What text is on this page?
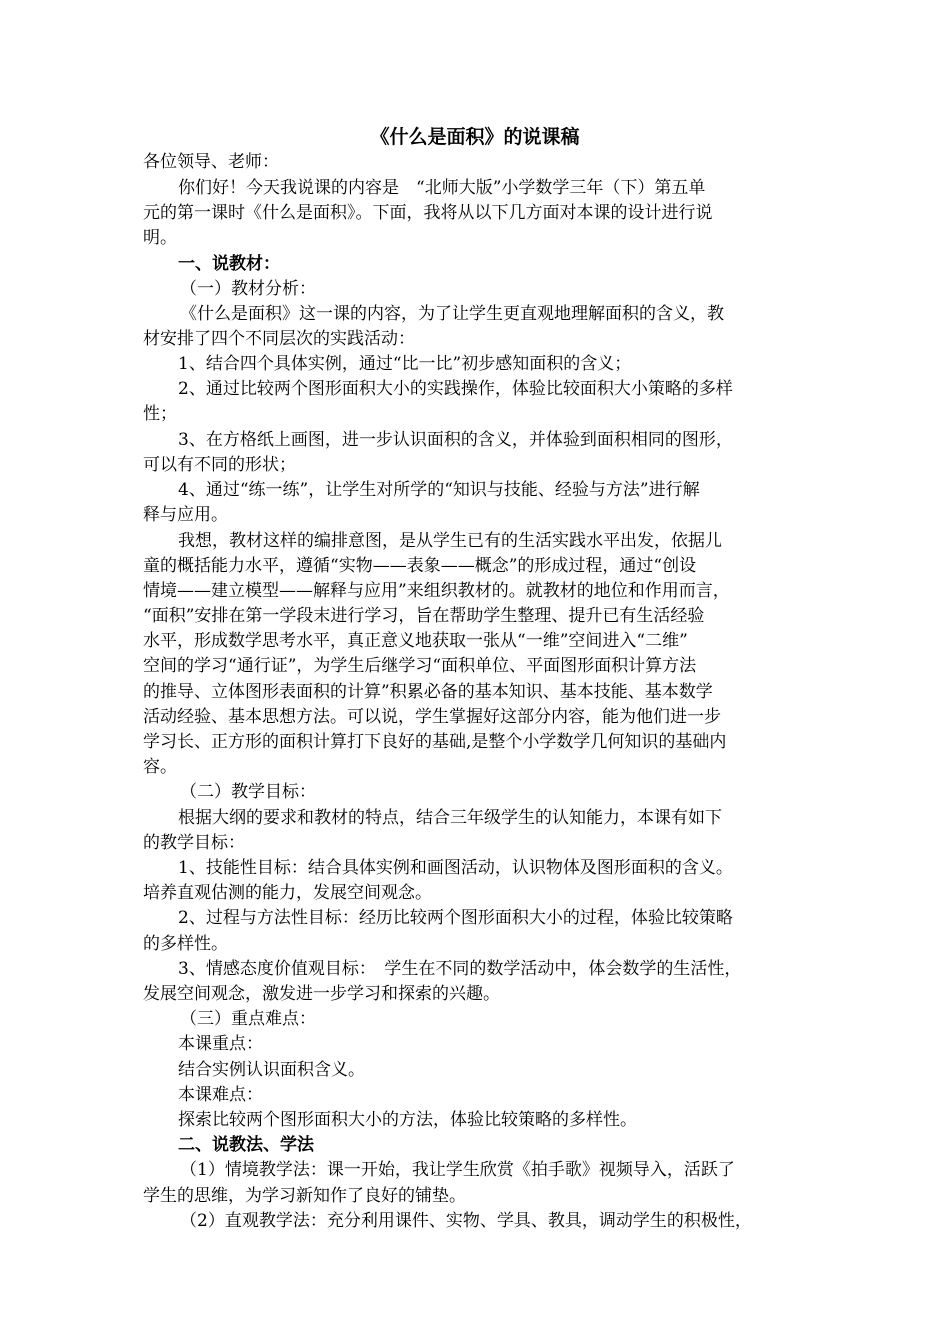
《什么是面积》的说课稿
各位领导、老师：
你们好！今天我说课的内容是　“北师大版”小学数学三年（下）第五单
元的第一课时《什么是面积》。下面，我将从以下几方面对本课的设计进行说
明。
一、说教材：
（一）教材分析：
《什么是面积》这一课的内容，为了让学生更直观地理解面积的含义，教
材安排了四个不同层次的实践活动：
1、结合四个具体实例，通过“比一比”初步感知面积的含义；
2、通过比较两个图形面积大小的实践操作，体验比较面积大小策略的多样
性；
3、在方格纸上画图，进一步认识面积的含义，并体验到面积相同的图形，
可以有不同的形状；
4、通过“练一练”，让学生对所学的“知识与技能、经验与方法”进行解
释与应用。
我想，教材这样的编排意图，是从学生已有的生活实践水平出发，依据儿
童的概括能力水平，遵循“实物——表象——概念”的形成过程，通过“创设
情境——建立模型——解释与应用”来组织教材的。就教材的地位和作用而言，
“面积”安排在第一学段末进行学习，旨在帮助学生整理、提升已有生活经验
水平，形成数学思考水平，真正意义地获取一张从“一维”空间进入“二维”
空间的学习“通行证”，为学生后继学习“面积单位、平面图形面积计算方法
的推导、立体图形表面积的计算”积累必备的基本知识、基本技能、基本数学
活动经验、基本思想方法。可以说，学生掌握好这部分内容，能为他们进一步
学习长、正方形的面积计算打下良好的基础,是整个小学数学几何知识的基础内
容。
（二）教学目标：
根据大纲的要求和教材的特点，结合三年级学生的认知能力，本课有如下
的教学目标：
1、技能性目标：结合具体实例和画图活动，认识物体及图形面积的含义。
培养直观估测的能力，发展空间观念。
2、过程与方法性目标：经历比较两个图形面积大小的过程，体验比较策略
的多样性。
3、情感态度价值观目标：　学生在不同的数学活动中，体会数学的生活性，
发展空间观念，激发进一步学习和探索的兴趣。
（三）重点难点：
本课重点：
结合实例认识面积含义。
本课难点：
探索比较两个图形面积大小的方法，体验比较策略的多样性。
二、说教法、学法
（1）情境教学法：课一开始，我让学生欣赏《拍手歌》视频导入，活跃了
学生的思维，为学习新知作了良好的铺垫。
（2）直观教学法：充分利用课件、实物、学具、教具，调动学生的积极性，
